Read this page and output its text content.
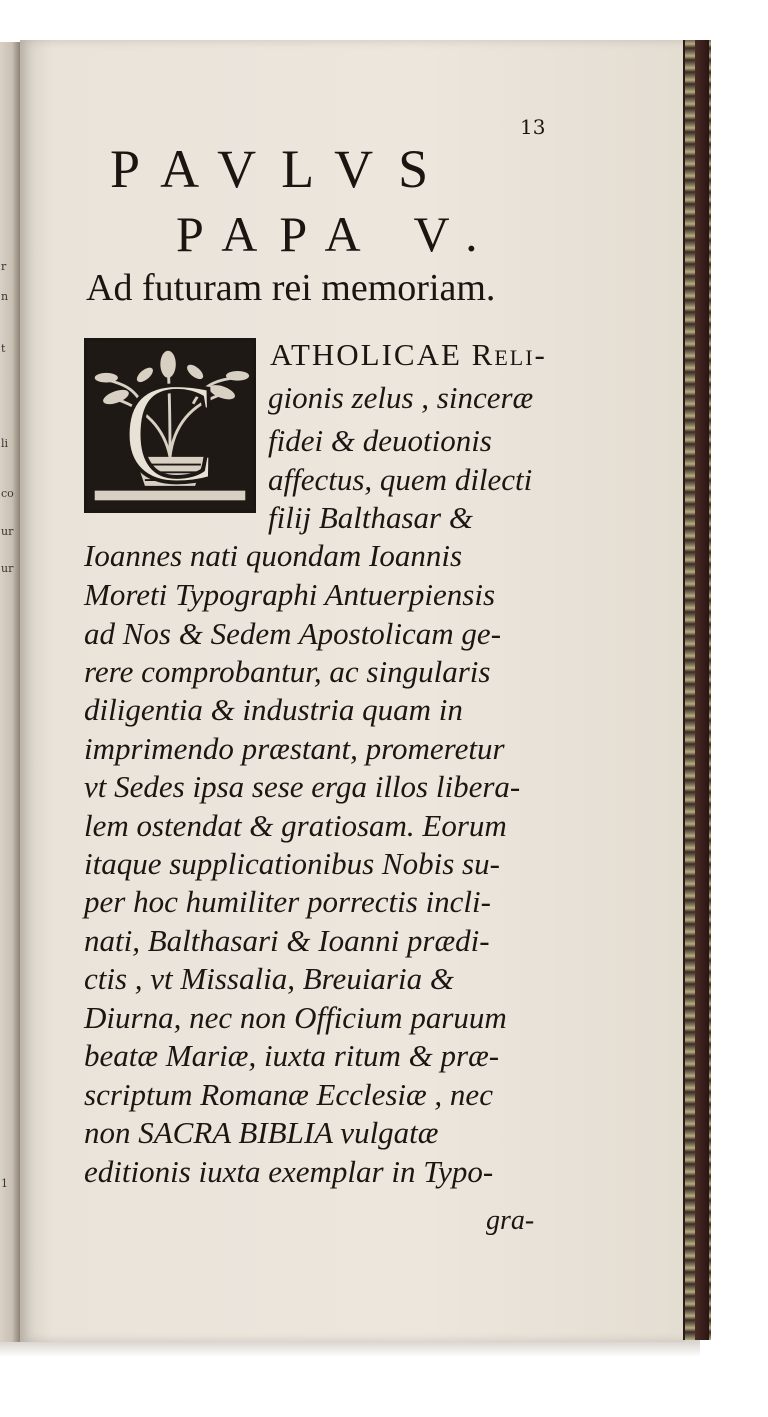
r
n
t
li
co
ur
ur
1
13
PAVLVS
PAPA V.
Ad futuram rei memoriam.
C ATHOLICAE Reli-
gionis zelus , sinceræ
fidei & deuotionis
affectus, quem dilecti
filij Balthasar &
Ioannes nati quondam Ioannis
Moreti Typographi Antuerpiensis
ad Nos & Sedem Apostolicam ge-
rere comprobantur, ac singularis
diligentia & industria quam in
imprimendo præstant, promeretur
vt Sedes ipsa sese erga illos libera-
lem ostendat & gratiosam. Eorum
itaque supplicationibus Nobis su-
per hoc humiliter porrectis incli-
nati, Balthasari & Ioanni prædi-
ctis , vt Missalia, Breuiaria &
Diurna, nec non Officium paruum
beatæ Mariæ, iuxta ritum & præ-
scriptum Romanæ Ecclesiæ , nec
non SACRA BIBLIA vulgatæ
editionis iuxta exemplar in Typo-
gra-
